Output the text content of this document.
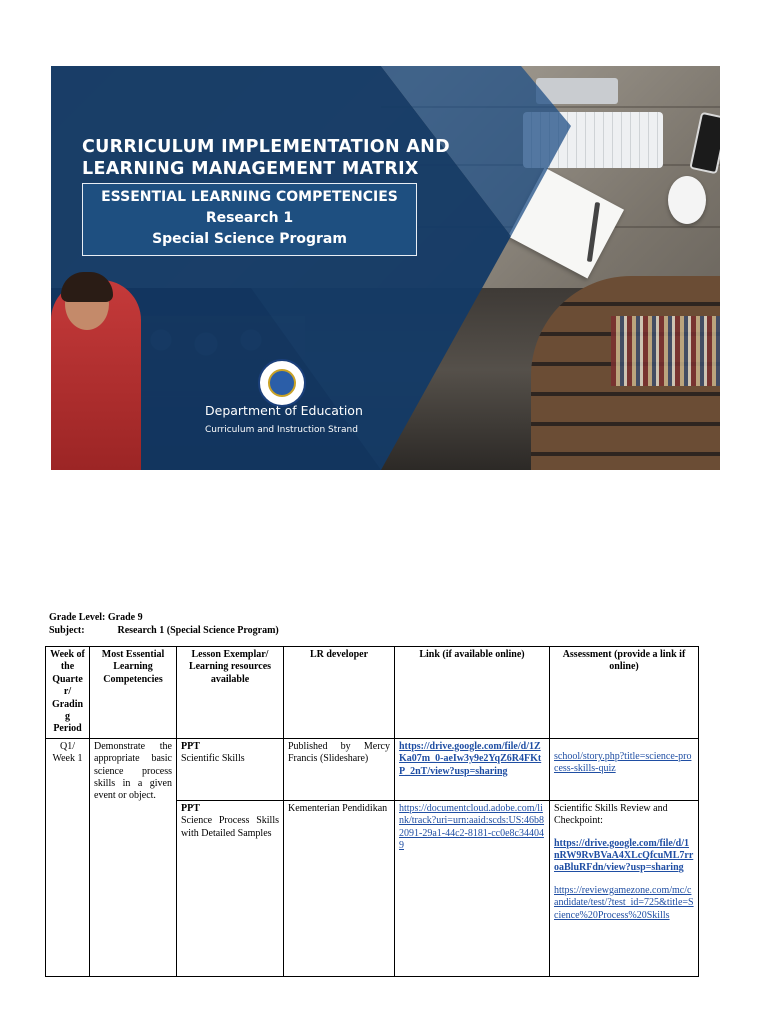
CURRICULUM IMPLEMENTATION AND
LEARNING MANAGEMENT MATRIX
ESSENTIAL LEARNING COMPETENCIES
Research 1
Special Science Program
Department of Education
Curriculum and Instruction Strand
Grade Level: Grade 9
Subject:	Research 1 (Special Science Program)
Week of the Quarte r/ Gradin g Period	Most Essential Learning Competencies	Lesson Exemplar/ Learning resources available	LR developer	Link (if available online)	Assessment (provide a link if online)
Q1/ Week 1	Demonstrate the appropriate basic science process skills in a given event or object.	PPT
Scientific Skills	Published by Mercy Francis (Slideshare)	https://drive.google.com/file/d/1ZKa07m_0-aeIw3y9e2YqZ6R4FKtP_2nT/view?usp=sharing	school/story.php?title=science-process-skills-quiz

		PPT
Science Process Skills with Detailed Samples	Kementerian Pendidikan	https://documentcloud.adobe.com/link/track?uri=urn:aaid:scds:US:46b82091-29a1-44c2-8181-cc0e8c344049	Scientific Skills Review and Checkpoint:
https://drive.google.com/file/d/1nRW9RvBVaA4XLcQfcuML7rroaBluRFdn/view?usp=sharing
https://reviewgamezone.com/mc/candidate/test/?test_id=725&title=Science%20Process%20Skills
